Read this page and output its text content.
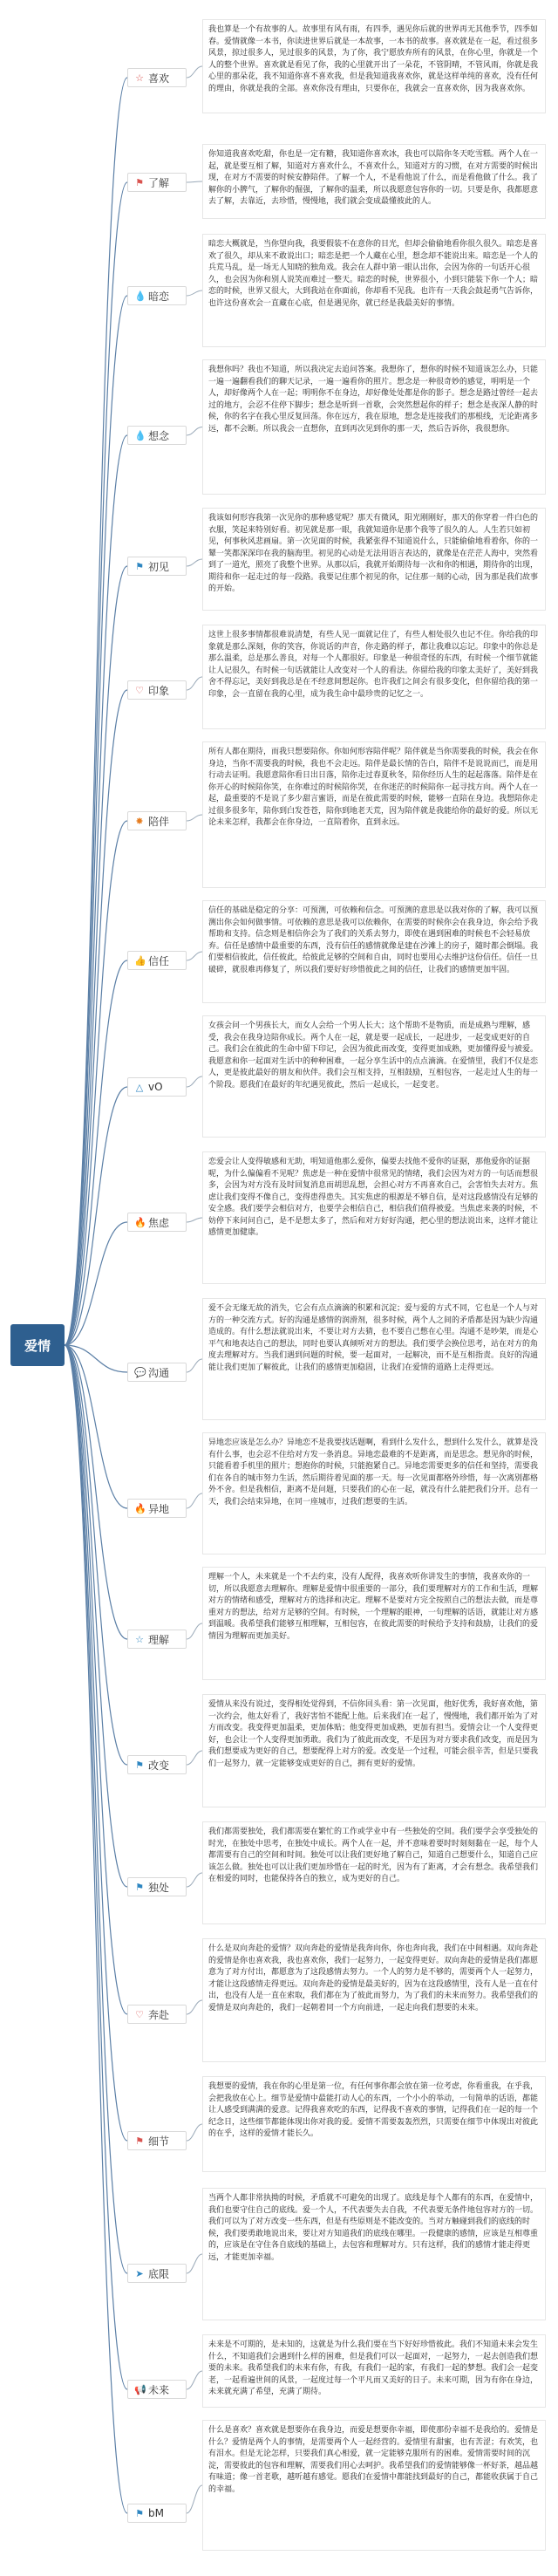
爱情
☆ 喜欢
我也算是一个有故事的人。故事里有风有雨，有四季，遇见你后就的世界再无其他季节，四季如春。爱情就像一本书，你读进世界后就是一本故事，一本书的故事。喜欢就是在一起，看过很多风景，掠过很多人，见过很多的风景，为了你，我宁愿放弃所有的风景，在你心里，你就是一个人的整个世界。喜欢就是看见了你，我的心里就开出了一朵花，不管阴晴，不管风雨，你就是我心里的那朵花，我不知道你喜不喜欢我，但是我知道我喜欢你，就是这样单纯的喜欢，没有任何的理由，你就是我的全部。喜欢你没有理由，只要你在，我就会一直喜欢你，因为我喜欢你。
⚑ 了解
你知道我喜欢吃甜，你也是一定有糖，我知道你喜欢冰，我也可以陪你冬天吃雪糕。两个人在一起，就是要互相了解，知道对方喜欢什么，不喜欢什么，知道对方的习惯，在对方需要的时候出现，在对方不需要的时候安静陪伴。了解一个人，不是看他说了什么，而是看他做了什么。我了解你的小脾气，了解你的倔强，了解你的温柔，所以我愿意包容你的一切。只要是你，我都愿意去了解，去靠近，去珍惜，慢慢地，我们就会变成最懂彼此的人。
💧 暗恋
暗恋大概就是，当你望向我，我要假装不在意你的目光，但却会偷偷地看你很久很久。暗恋是喜欢了很久，却从来不敢说出口；暗恋是把一个人藏在心里，想念却不能说出来。暗恋是一个人的兵荒马乱，是一场无人知晓的独角戏。我会在人群中第一眼认出你，会因为你的一句话开心很久，也会因为你和别人说笑而难过一整天。暗恋的时候，世界很小，小到只能装下你一个人；暗恋的时候，世界又很大，大到我站在你面前，你却看不见我。也许有一天我会鼓起勇气告诉你，也许这份喜欢会一直藏在心底，但是遇见你，就已经是我最美好的事情。
💧 想念
我想你吗？我也不知道，所以我决定去追问答案。我想你了，想你的时候不知道该怎么办，只能一遍一遍翻看我们的聊天记录，一遍一遍看你的照片。想念是一种很奇妙的感觉，明明是一个人，却好像两个人在一起；明明你不在身边，却好像处处都是你的影子。想念是路过曾经一起去过的地方，会忍不住停下脚步；想念是听到一首歌，会突然想起你的样子；想念是夜深人静的时候，你的名字在我心里反复回荡。你在远方，我在原地，想念是连接我们的那根线，无论距离多远，都不会断。所以我会一直想你，直到再次见到你的那一天，然后告诉你，我很想你。
⚑ 初见
我该如何形容我第一次见你的那种感觉呢？那天有微风，阳光刚刚好，那天的你穿着一件白色的衣服，笑起来特别好看。初见就是那一眼，我就知道你是那个我等了很久的人。人生若只如初见，何事秋风悲画扇。第一次见面的时候，我紧张得不知道说什么，只能偷偷地看着你，你的一颦一笑都深深印在我的脑海里。初见的心动是无法用语言表达的，就像是在茫茫人海中，突然看到了一道光，照亮了我整个世界。从那以后，我就开始期待每一次和你的相遇，期待你的出现，期待和你一起走过的每一段路。我要记住那个初见的你，记住那一刻的心动，因为那是我们故事的开始。
♡ 印象
这世上很多事情都很难说清楚，有些人见一面就记住了，有些人相处很久也记不住。你给我的印象就是那么深刻，你的笑容，你说话的声音，你走路的样子，都让我难以忘记。印象中的你总是那么温柔，总是那么善良，对每一个人都很好。印象是一种很奇怪的东西，有时候一个细节就能让人记很久，有时候一句话就能让人改变对一个人的看法。你留给我的印象太美好了，美好到我舍不得忘记，美好到我总是在不经意间想起你。也许我们之间会有很多变化，但你留给我的第一印象，会一直留在我的心里，成为我生命中最珍贵的记忆之一。
✸ 陪伴
所有人都在期待，而我只想要陪你。你如何形容陪伴呢？陪伴就是当你需要我的时候，我会在你身边，当你不需要我的时候，我也不会走远。陪伴是最长情的告白，陪伴不是说说而已，而是用行动去证明。我愿意陪你看日出日落，陪你走过春夏秋冬，陪你经历人生的起起落落。陪伴是在你开心的时候陪你笑，在你难过的时候陪你哭，在你迷茫的时候陪你一起寻找方向。两个人在一起，最重要的不是说了多少甜言蜜语，而是在彼此需要的时候，能够一直陪在身边。我想陪你走过很多很多年，陪你到白发苍苍，陪你到地老天荒，因为陪伴就是我能给你的最好的爱。所以无论未来怎样，我都会在你身边，一直陪着你，直到永远。
👍 信任
信任的基础是稳定的分享：可预测，可依赖和信念。可预测的意思是以我对你的了解，我可以预测出你会如何做事情。可依赖的意思是我可以依赖你，在需要的时候你会在我身边，你会给予我帮助和支持。信念则是相信你会为了我们的关系去努力，即使在遇到困难的时候也不会轻易放弃。信任是感情中最重要的东西，没有信任的感情就像是建在沙滩上的房子，随时都会倒塌。我们要相信彼此，信任彼此，给彼此足够的空间和自由，同时也要用心去维护这份信任。信任一旦破碎，就很难再修复了，所以我们要好好珍惜彼此之间的信任，让我们的感情更加牢固。
△ vO
女孩会问一个男孩长大，而女人会给一个男人长大；这个帮助不是物质，而是成熟与理解，感受，我会在我身边陪你成长。两个人在一起，就是要一起成长，一起进步，一起变成更好的自己。我们会在彼此的生命中留下印记，会因为彼此而改变，变得更加成熟，更加懂得爱与被爱。我愿意和你一起面对生活中的种种困难，一起分享生活中的点点滴滴。在爱情里，我们不仅是恋人，更是彼此最好的朋友和伙伴。我们会互相支持，互相鼓励，互相包容，一起走过人生的每一个阶段。愿我们在最好的年纪遇见彼此，然后一起成长，一起变老。
🔥 焦虑
恋爱会让人变得敏感和无助，明知道他那么爱你，偏要去找他不爱你的证据，那他爱你的证据呢，为什么偏偏看不见呢？焦虑是一种在爱情中很常见的情绪，我们会因为对方的一句话而想很多，会因为对方没有及时回复消息而胡思乱想，会担心对方不再喜欢自己，会害怕失去对方。焦虑让我们变得不像自己，变得患得患失。其实焦虑的根源是不够自信，是对这段感情没有足够的安全感。我们要学会相信对方，也要学会相信自己，相信我们值得被爱。当焦虑来袭的时候，不妨停下来问问自己，是不是想太多了，然后和对方好好沟通，把心里的想法说出来，这样才能让感情更加健康。
💬 沟通
爱不会无缘无故的消失，它会有点点滴滴的积累和沉淀；爱与爱的方式不同，它也是一个人与对方的一种交流方式。好的沟通是感情的润滑剂，很多时候，两个人之间的矛盾都是因为缺少沟通造成的。有什么想法就说出来，不要让对方去猜，也不要自己憋在心里。沟通不是吵架，而是心平气和地表达自己的想法，同时也要认真倾听对方的想法。我们要学会换位思考，站在对方的角度去理解对方。当我们遇到问题的时候，要一起面对，一起解决，而不是互相指责。良好的沟通能让我们更加了解彼此，让我们的感情更加稳固，让我们在爱情的道路上走得更远。
🔥 异地
异地恋应该是怎么办？异地恋不是我要找话题啊，看到什么发什么，想到什么发什么，就算是没有什么事，也会忍不住给对方发一条消息。异地恋最难的不是距离，而是思念。想见你的时候，只能看着手机里的照片；想抱你的时候，只能抱紧自己。异地恋需要更多的信任和坚持，需要我们在各自的城市努力生活，然后期待着见面的那一天。每一次见面都格外珍惜，每一次离别都格外不舍。但是我相信，距离不是问题，只要我们的心在一起，就没有什么能把我们分开。总有一天，我们会结束异地，在同一座城市，过我们想要的生活。
☆ 理解
理解一个人，未来就是一个不去约束，没有人配得，我喜欢听你讲发生的事情，我喜欢你的一切，所以我愿意去理解你。理解是爱情中很重要的一部分，我们要理解对方的工作和生活，理解对方的情绪和感受，理解对方的选择和决定。理解不是要对方完全按照自己的想法去做，而是尊重对方的想法，给对方足够的空间。有时候，一个理解的眼神，一句理解的话语，就能让对方感到温暖。我希望我们能够互相理解，互相包容，在彼此需要的时候给予支持和鼓励，让我们的爱情因为理解而更加美好。
⚑ 改变
爱情从来没有说过，变得相处觉得到，不信你回头看：第一次见面，他好优秀，我好喜欢他，第一次约会，他太好看了，我好害怕不能配上他。后来我们在一起了，慢慢地，我们都开始为了对方而改变。我变得更加温柔，更加体贴；他变得更加成熟，更加有担当。爱情会让一个人变得更好，也会让一个人变得更加勇敢。我们为了彼此而改变，不是因为对方要求我们改变，而是因为我们想要成为更好的自己，想要配得上对方的爱。改变是一个过程，可能会很辛苦，但是只要我们一起努力，就一定能够变成更好的自己，拥有更好的爱情。
⚑ 独处
我们都需要独处，我们都需要在繁忙的工作或学业中有一些独处的空间。我们要学会享受独处的时光，在独处中思考，在独处中成长。两个人在一起，并不意味着要时时刻刻黏在一起，每个人都需要有自己的空间和时间。独处可以让我们更好地了解自己，知道自己想要什么，知道自己应该怎么做。独处也可以让我们更加珍惜在一起的时光，因为有了距离，才会有想念。我希望我们在相爱的同时，也能保持各自的独立，成为更好的自己。
♡ 奔赴
什么是双向奔赴的爱情？双向奔赴的爱情是我奔向你，你也奔向我，我们在中间相遇。双向奔赴的爱情是你也喜欢我，我也喜欢你，我们一起努力，一起变得更好。双向奔赴的爱情是我们都愿意为了对方付出，都愿意为了这段感情去努力。一个人的努力是不够的，需要两个人一起努力，才能让这段感情走得更远。双向奔赴的爱情是最美好的，因为在这段感情里，没有人是一直在付出，也没有人是一直在索取，我们都在为了彼此而努力，为了我们的未来而努力。我希望我们的爱情是双向奔赴的，我们一起朝着同一个方向前进，一起走向我们想要的未来。
⚑ 细节
我想要的爱情，我在你的心里是第一位，有任何事你都会放在第一位考虑，你看重我，在乎我，会把我放在心上。细节是爱情中最能打动人心的东西，一个小小的举动，一句简单的话语，都能让人感受到满满的爱意。记得我喜欢吃的东西，记得我不喜欢的事情，记得我们在一起的每一个纪念日，这些细节都能体现出你对我的爱。爱情不需要轰轰烈烈，只需要在细节中体现出对彼此的在乎，这样的爱情才能长久。
➤ 底限
当两个人都非常执拗的时候，矛盾就不可避免的出现了。底线是每个人都有的东西，在爱情中，我们也要守住自己的底线。爱一个人，不代表要失去自我，不代表要无条件地包容对方的一切。我们可以为了对方改变一些东西，但是有些原则是不能改变的。当对方触碰到我们的底线的时候，我们要勇敢地说出来，要让对方知道我们的底线在哪里。一段健康的感情，应该是互相尊重的，应该是在守住各自底线的基础上，去包容和理解对方。只有这样，我们的感情才能走得更远，才能更加幸福。
📢 未来
未来是不可期的，是未知的，这就是为什么我们要在当下好好珍惜彼此。我们不知道未来会发生什么，不知道我们会遇到什么样的困难，但是我们可以一起面对，一起努力，一起去创造我们想要的未来。我希望我们的未来有你，有我，有我们一起的家，有我们一起的梦想。我们会一起变老，一起看遍世间的风景，一起度过每一个平凡而又美好的日子。未来可期，因为有你在身边，未来就充满了希望，充满了期待。
⚑ bM
什么是喜欢？喜欢就是想要你在我身边，而爱是想要你幸福，即使那份幸福不是我给的。爱情是什么？爱情是两个人的事情，是需要两个人一起经营的。爱情里有甜蜜，也有苦涩；有欢笑，也有泪水。但是无论怎样，只要我们真心相爱，就一定能够克服所有的困难。爱情需要时间的沉淀，需要彼此的包容和理解，需要我们用心去呵护。我希望我们的爱情能够像一杯好茶，越品越有味道；像一首老歌，越听越有感觉。愿我们在爱情中都能找到最好的自己，都能收获属于自己的幸福。
